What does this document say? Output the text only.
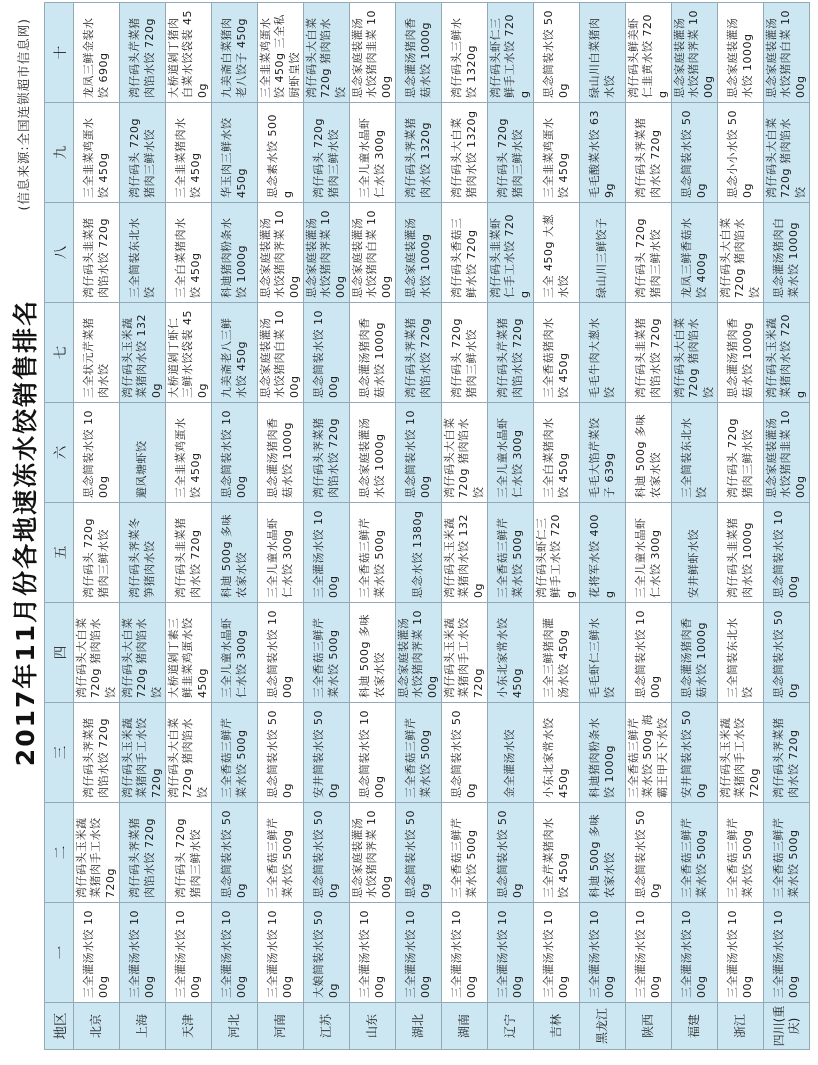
2017年11月份各地速冻水饺销售排名
(信息来源:全国连锁超市信息网)
地区	一	二	三	四	五	六	七	八	九	十
北京	三全灌汤水饺 1000g	湾仔码头玉米蔬菜猪肉手工水饺 720g	湾仔码头荠菜猪肉馅水饺 720g	湾仔码头大白菜 720g 猪肉馅水饺	湾仔码头 720g 猪肉三鲜水饺	思念简装水饺 1000g	三全状元芹菜猪肉水饺	湾仔码头韭菜猪肉馅水饺 720g	三全韭菜鸡蛋水饺 450g	龙凤三鲜金装水饺 690g
上海	三全灌汤水饺 1000g	湾仔码头荠菜猪肉馅水饺 720g	湾仔码头玉米蔬菜猪肉手工水饺 720g	湾仔码头大白菜 720g 猪肉馅水饺	湾仔码头荠菜冬笋猪肉水饺	避风塘虾饺	湾仔码头玉米蔬菜猪肉水饺 1320g	三全简装东北水饺	湾仔码头 720g 猪肉三鲜水饺	湾仔码头芹菜猪肉馅水饺 720g
天津	三全灌汤水饺 1000g	湾仔码头 720g 猪肉三鲜水饺	湾仔码头大白菜 720g 猪肉馅水饺	大桥道剁丁素三鲜韭菜鸡蛋水饺 450g	湾仔码头韭菜猪肉水饺 720g	三全韭菜鸡蛋水饺 450g	大桥道剁丁虾仁三鲜水饺袋装 450g	三全白菜猪肉水饺 450g	三全韭菜猪肉水饺 450g	大桥道剁丁猪肉白菜水饺袋装 450g
河北	三全灌汤水饺 1000g	思念简装水饺 500g	三全香菇三鲜芹菜水饺 500g	三全儿童水晶虾仁水饺 300g	科迪 500g 多味农家水饺	思念简装水饺 1000g	九美斋老八三鲜水饺 450g	科迪猪肉粉条水饺 1000g	华玉肉三鲜水饺 450g	九美斋白菜猪肉老八饺子 450g
河南	三全灌汤水饺 1000g	三全香菇三鲜芹菜水饺 500g	思念简装水饺 500g	思念简装水饺 1000g	三全儿童水晶虾仁水饺 300g	思念灌汤猪肉香菇水饺 1000g	思念家庭装灌汤水饺猪肉白菜 1000g	思念家庭装灌汤水饺猪肉荠菜 1000g	思念素水饺 500g	三全韭菜鸡蛋水饺 450g 三全私厨虾皇饺
江苏	大娘简装水饺 500g	思念简装水饺 500g	安井简装水饺 500g	三全香菇三鲜芹菜水饺 500g	三全灌汤水饺 1000g	湾仔码头荠菜猪肉馅水饺 720g	思念简装水饺 1000g	思念家庭装灌汤水饺猪肉荠菜 1000g	湾仔码头 720g 猪肉三鲜水饺	湾仔码头大白菜 720g 猪肉馅水饺
山东	三全灌汤水饺 1000g	思念家庭装灌汤水饺猪肉荠菜 1000g	思念简装水饺 1000g	科迪 500g 多味农家水饺	三全香菇三鲜芹菜水饺 500g	思念家庭装灌汤水饺 1000g	思念灌汤猪肉香菇水饺 1000g	思念家庭装灌汤水饺猪肉白菜 1000g	三全儿童水晶虾仁水饺 300g	思念家庭装灌汤水饺猪肉韭菜 1000g
湖北	三全灌汤水饺 1000g	思念简装水饺 500g	三全香菇三鲜芹菜水饺 500g	思念家庭装灌汤水饺猪肉荠菜 1000g	思念水饺 1380g	思念简装水饺 1000g	湾仔码头荠菜猪肉馅水饺 720g	思念家庭装灌汤水饺 1000g	湾仔码头荠菜猪肉水饺 1320g	思念灌汤猪肉香菇水饺 1000g
湖南	三全灌汤水饺 1000g	三全香菇三鲜芹菜水饺 500g	思念简装水饺 500g	湾仔码头玉米蔬菜猪肉手工水饺 720g	湾仔码头玉米蔬菜猪肉水饺 1320g	湾仔码头大白菜 720g 猪肉馅水饺	湾仔码头 720g 猪肉三鲜水饺	湾仔码头香菇三鲜水饺 720g	湾仔码头大白菜猪肉水饺 1320g	湾仔码头三鲜水饺 1320g
辽宁	三全灌汤水饺 1000g	思念简装水饺 500g	金全灌汤水饺	小东北家常水饺 450g	三全香菇三鲜芹菜水饺 500g	三全儿童水晶虾仁水饺 300g	湾仔码头芹菜猪肉馅水饺 720g	湾仔码头韭菜虾仁手工水饺 720g	湾仔码头 720g 猪肉三鲜水饺	湾仔码头虾仁三鲜手工水饺 720g
吉林	三全灌汤水饺 1000g	三全芹菜猪肉水饺 450g	小东北家常水饺 450g	三全三鲜猪肉灌汤水饺 450g	湾仔码头虾仁三鲜手工水饺 720g	三全白菜猪肉水饺 450g	三全香菇猪肉水饺 450g	三全 450g 大葱水饺	三全韭菜鸡蛋水饺 450g	思念简装水饺 500g
黑龙江	三全灌汤水饺 1000g	科迪 500g 多味农家水饺	科迪猪肉粉条水饺 1000g	毛毛虾仁三鲜水饺	花将军水饺 400g	毛毛大馅芹菜饺子 639g	毛毛牛肉大葱水饺	绿山川三鲜饺子	毛毛酸菜水饺 639g	绿山川白菜猪肉水饺
陕西	三全灌汤水饺 1000g	思念简装水饺 500g	三全香菇三鲜芹菜水饺 500g 海霸王甲天下水饺	思念简装水饺 1000g	三全儿童水晶虾仁水饺 300g	科迪 500g 多味农家水饺	湾仔码头韭菜猪肉馅水饺 720g	湾仔码头 720g 猪肉三鲜水饺	湾仔码头荠菜猪肉水饺 720g	湾仔码头鲜美虾仁韭黄水饺 720g
福建	三全灌汤水饺 1000g	三全香菇三鲜芹菜水饺 500g	安井简装水饺 500g	思念灌汤猪肉香菇水饺 1000g	安井鲜虾水饺	三全简装东北水饺	湾仔码头大白菜 720g 猪肉馅水饺	龙凤三鲜香菇水饺 400g	思念简装水饺 500g	思念家庭装灌汤水饺猪肉荠菜 1000g
浙江	三全灌汤水饺 1000g	三全香菇三鲜芹菜水饺 500g	湾仔码头玉米蔬菜猪肉手工水饺 720g	三全简装东北水饺	湾仔码头韭菜猪肉水饺 1000g	湾仔码头 720g 猪肉三鲜水饺	思念灌汤猪肉香菇水饺 1000g	湾仔码头大白菜 720g 猪肉馅水饺	思念小小水饺 500g	思念家庭装灌汤水饺 1000g
四川(重庆)	三全灌汤水饺 1000g	三全香菇三鲜芹菜水饺 500g	湾仔码头荠菜猪肉水饺 720g	思念简装水饺 500g	思念简装水饺 1000g	思念家庭装灌汤水饺猪肉韭菜 1000g	湾仔码头玉米蔬菜猪肉水饺 720g	思念灌汤猪肉白菜水饺 1000g	湾仔码头大白菜 720g 猪肉馅水饺	思念家庭装灌汤水饺猪肉白菜 1000g
